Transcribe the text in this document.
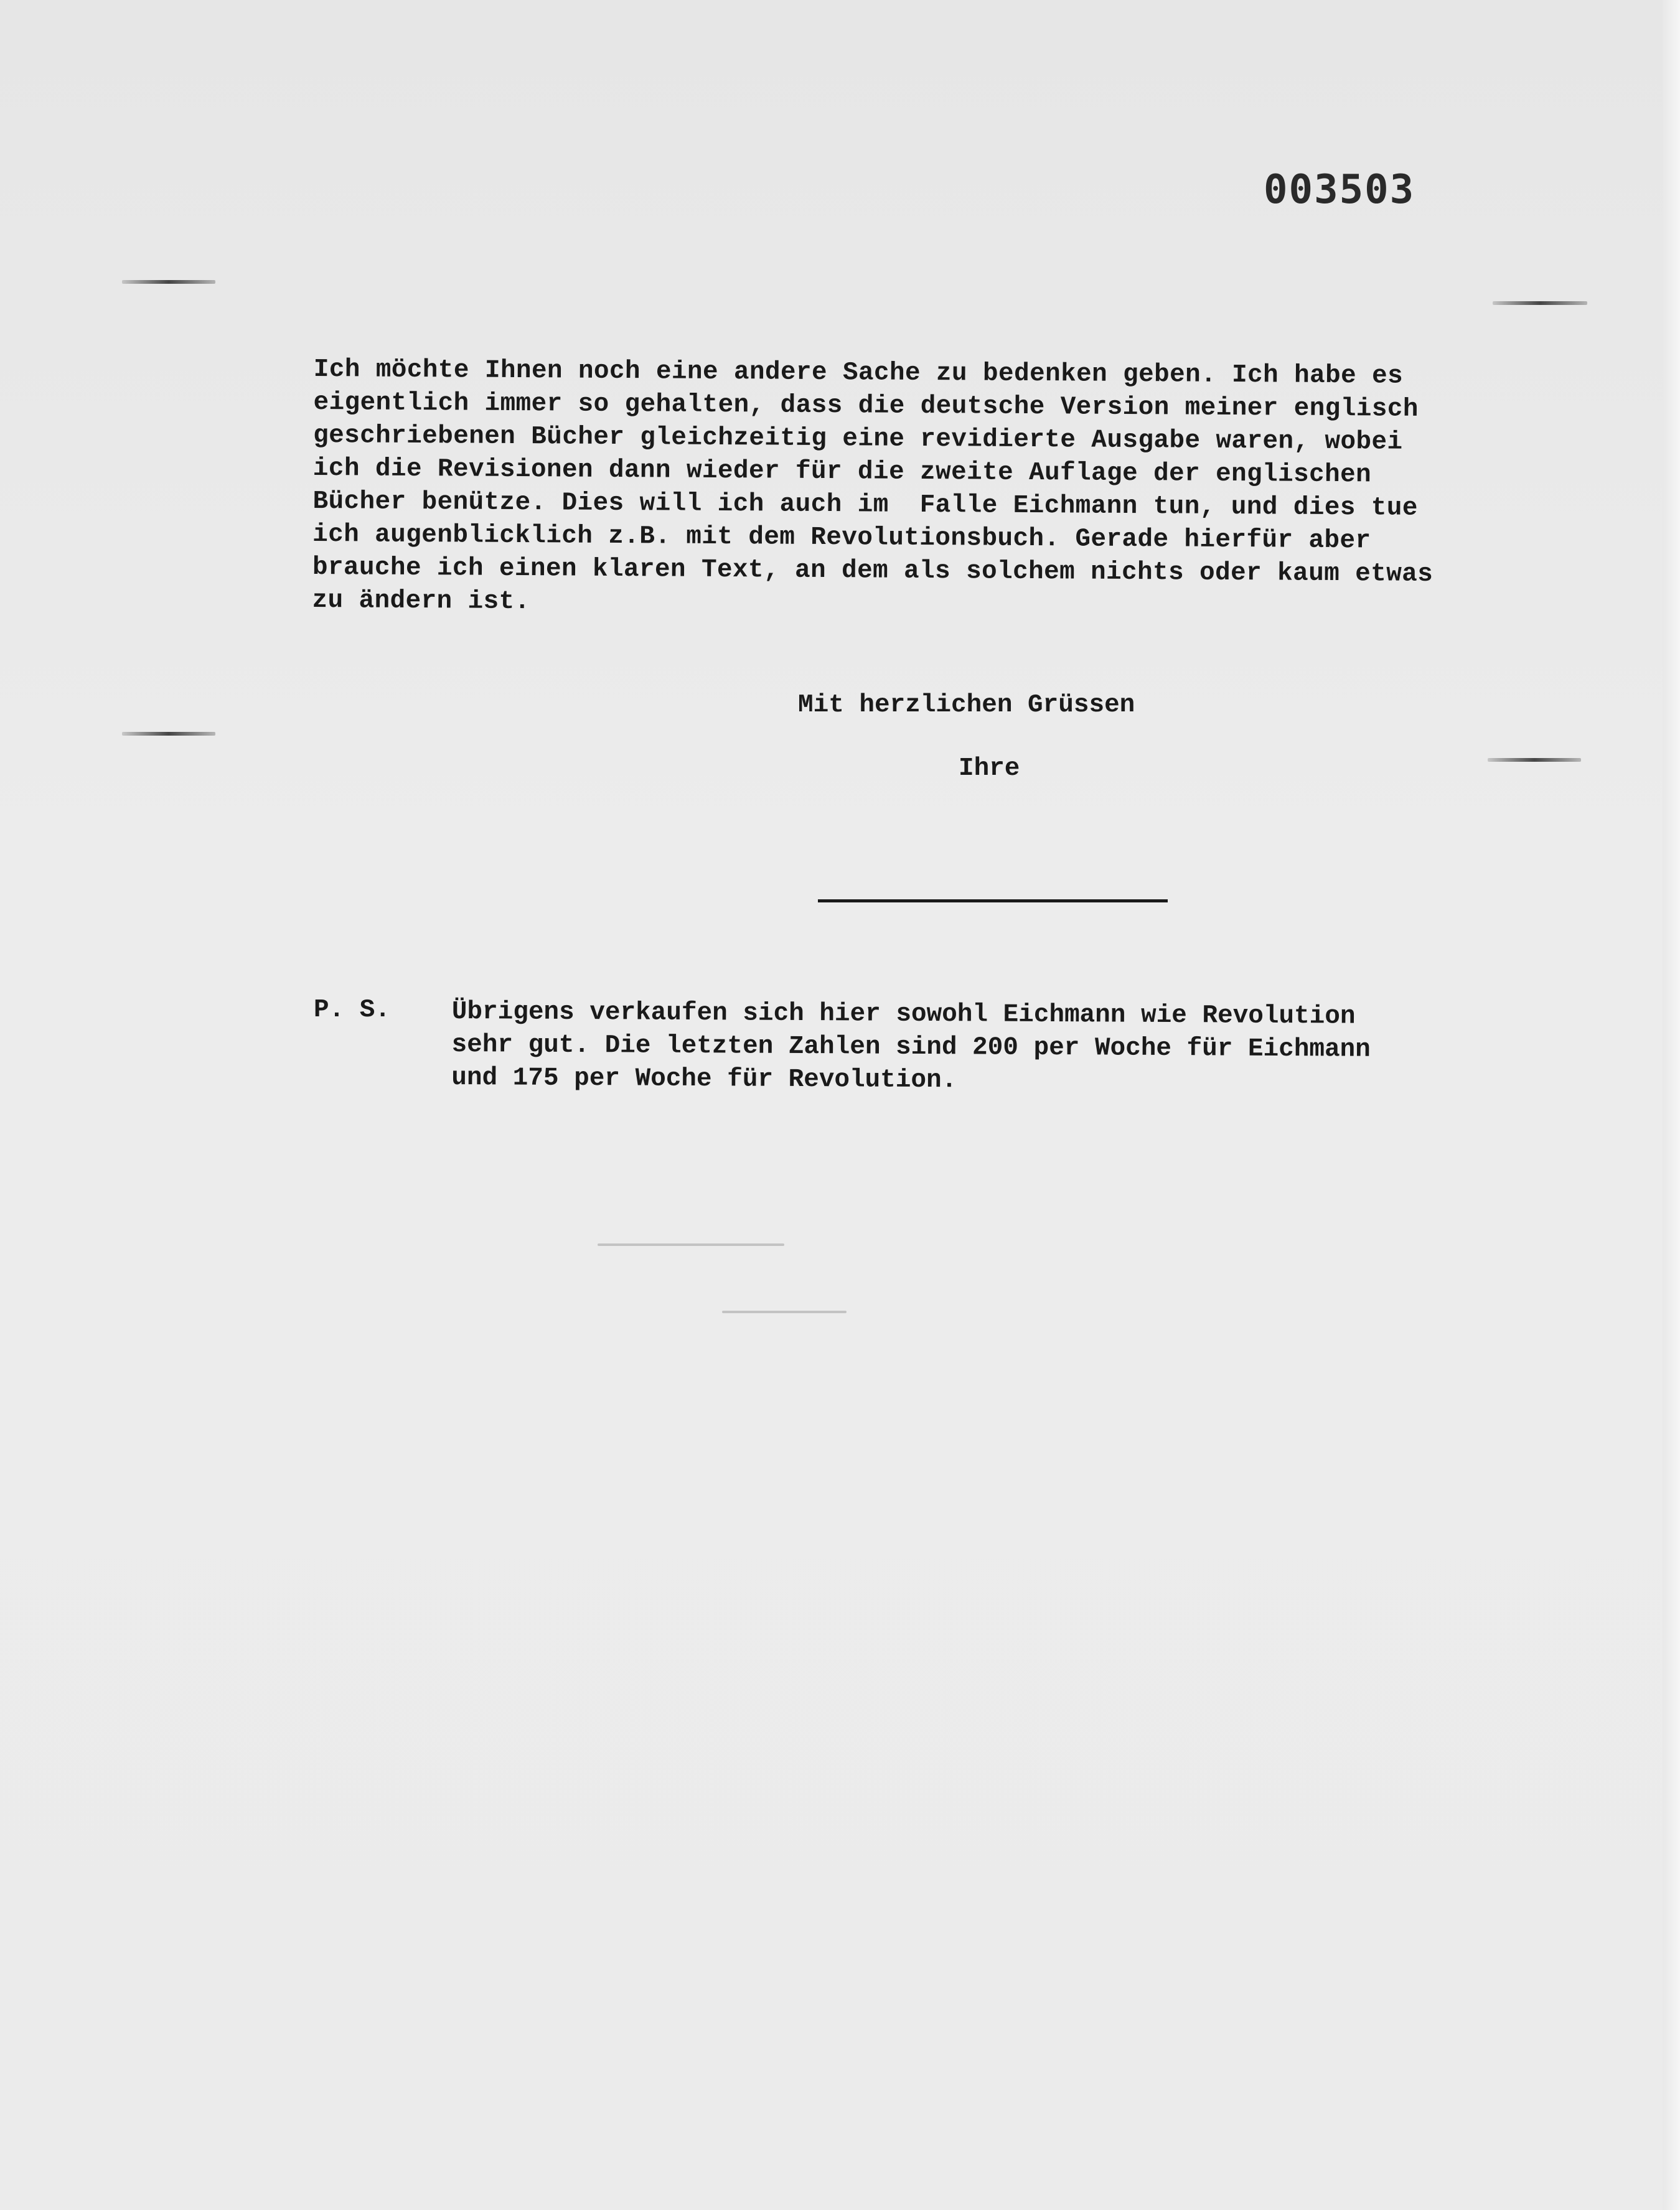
003503
Ich möchte Ihnen noch eine andere Sache zu bedenken geben. Ich habe es
eigentlich immer so gehalten, dass die deutsche Version meiner englisch
geschriebenen Bücher gleichzeitig eine revidierte Ausgabe waren, wobei
ich die Revisionen dann wieder für die zweite Auflage der englischen
Bücher benütze. Dies will ich auch im  Falle Eichmann tun, und dies tue
ich augenblicklich z.B. mit dem Revolutionsbuch. Gerade hierfür aber
brauche ich einen klaren Text, an dem als solchem nichts oder kaum etwas
zu ändern ist.

Mit herzlichen Grüssen

Ihre

P. S. Übrigens verkaufen sich hier sowohl Eichmann wie Revolution
sehr gut. Die letzten Zahlen sind 200 per Woche für Eichmann
und 175 per Woche für Revolution.
